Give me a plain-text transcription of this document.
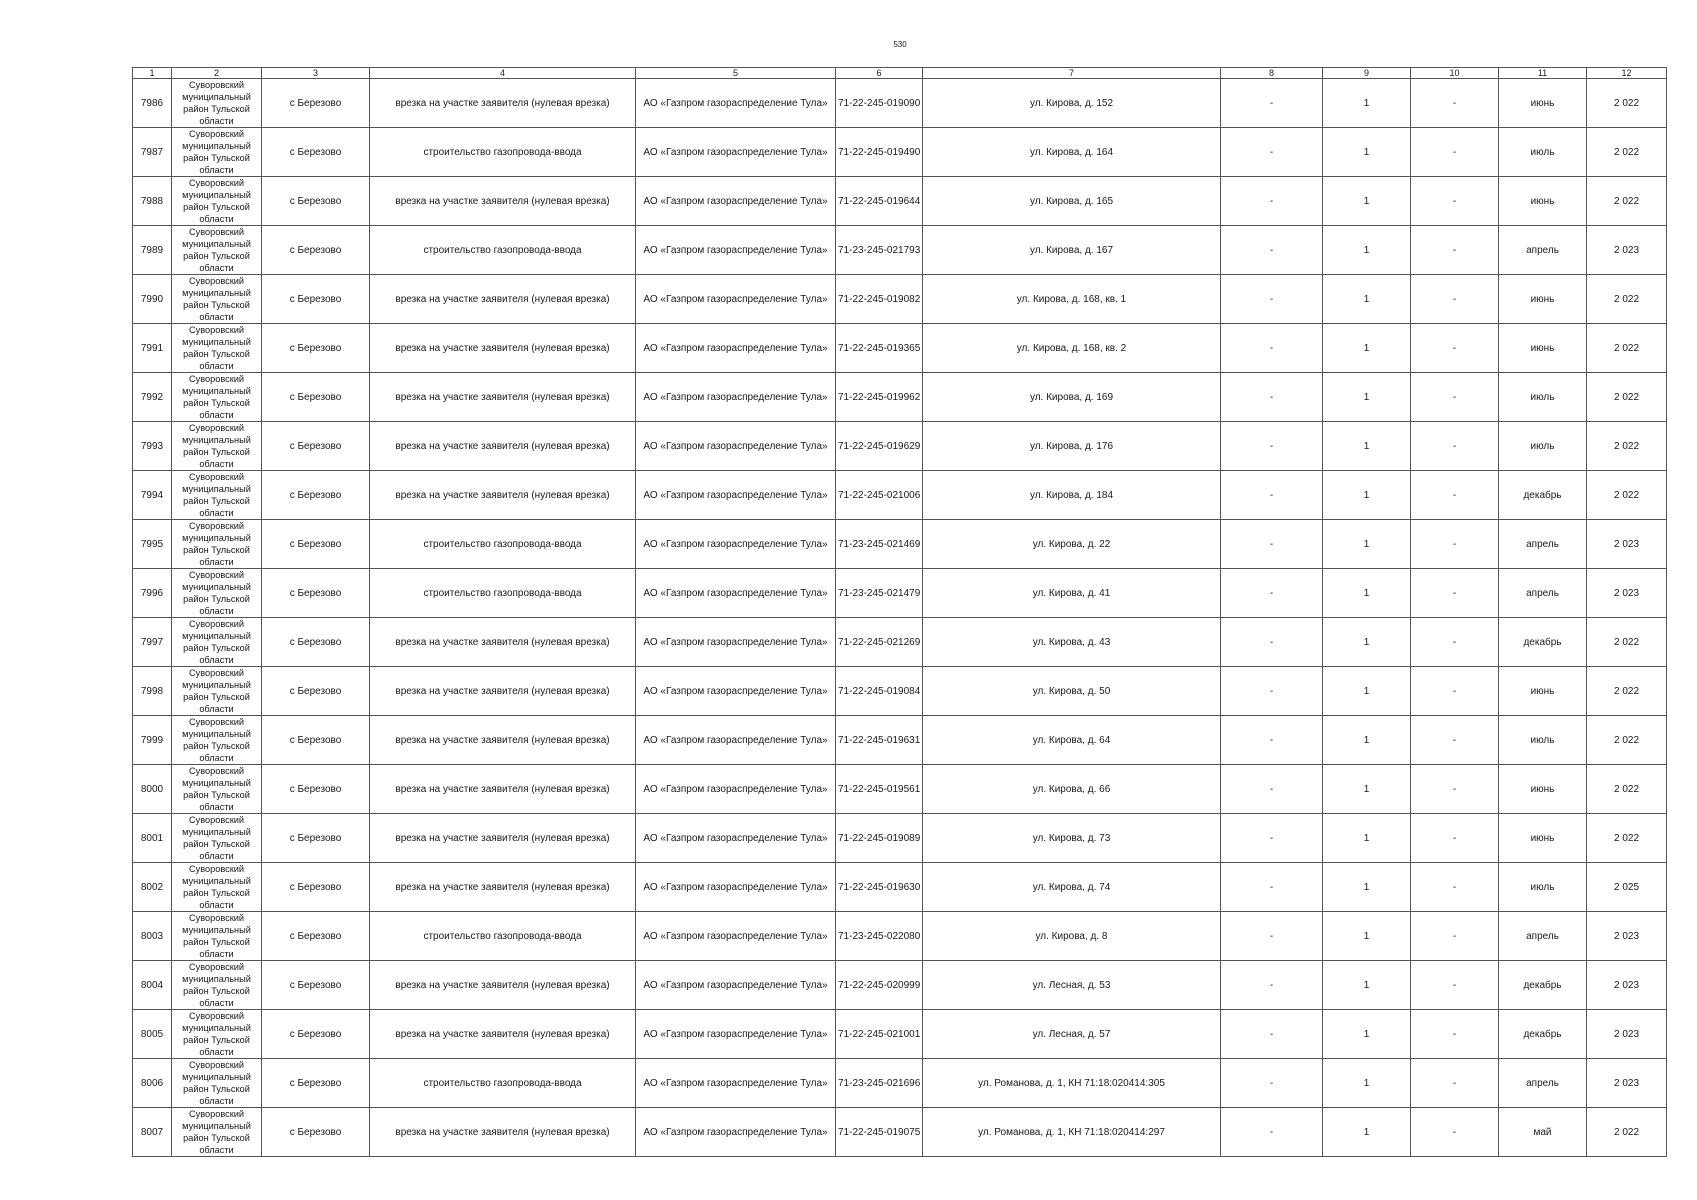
530
1	2	3	4	5	6	7	8	9	10	11	12
7986	Суворовский муниципальный район Тульской области	с Березово	врезка на участке заявителя (нулевая врезка)	АО «Газпром газораспределение Тула»	71-22-245-019090	ул. Кирова, д. 152	-	1	-	июнь	2 022
7987	Суворовский муниципальный район Тульской области	с Березово	строительство газопровода-ввода	АО «Газпром газораспределение Тула»	71-22-245-019490	ул. Кирова, д. 164	-	1	-	июль	2 022
7988	Суворовский муниципальный район Тульской области	с Березово	врезка на участке заявителя (нулевая врезка)	АО «Газпром газораспределение Тула»	71-22-245-019644	ул. Кирова, д. 165	-	1	-	июнь	2 022
7989	Суворовский муниципальный район Тульской области	с Березово	строительство газопровода-ввода	АО «Газпром газораспределение Тула»	71-23-245-021793	ул. Кирова, д. 167	-	1	-	апрель	2 023
7990	Суворовский муниципальный район Тульской области	с Березово	врезка на участке заявителя (нулевая врезка)	АО «Газпром газораспределение Тула»	71-22-245-019082	ул. Кирова, д. 168, кв. 1	-	1	-	июнь	2 022
7991	Суворовский муниципальный район Тульской области	с Березово	врезка на участке заявителя (нулевая врезка)	АО «Газпром газораспределение Тула»	71-22-245-019365	ул. Кирова, д. 168, кв. 2	-	1	-	июнь	2 022
7992	Суворовский муниципальный район Тульской области	с Березово	врезка на участке заявителя (нулевая врезка)	АО «Газпром газораспределение Тула»	71-22-245-019962	ул. Кирова, д. 169	-	1	-	июль	2 022
7993	Суворовский муниципальный район Тульской области	с Березово	врезка на участке заявителя (нулевая врезка)	АО «Газпром газораспределение Тула»	71-22-245-019629	ул. Кирова, д. 176	-	1	-	июль	2 022
7994	Суворовский муниципальный район Тульской области	с Березово	врезка на участке заявителя (нулевая врезка)	АО «Газпром газораспределение Тула»	71-22-245-021006	ул. Кирова, д. 184	-	1	-	декабрь	2 022
7995	Суворовский муниципальный район Тульской области	с Березово	строительство газопровода-ввода	АО «Газпром газораспределение Тула»	71-23-245-021469	ул. Кирова, д. 22	-	1	-	апрель	2 023
7996	Суворовский муниципальный район Тульской области	с Березово	строительство газопровода-ввода	АО «Газпром газораспределение Тула»	71-23-245-021479	ул. Кирова, д. 41	-	1	-	апрель	2 023
7997	Суворовский муниципальный район Тульской области	с Березово	врезка на участке заявителя (нулевая врезка)	АО «Газпром газораспределение Тула»	71-22-245-021269	ул. Кирова, д. 43	-	1	-	декабрь	2 022
7998	Суворовский муниципальный район Тульской области	с Березово	врезка на участке заявителя (нулевая врезка)	АО «Газпром газораспределение Тула»	71-22-245-019084	ул. Кирова, д. 50	-	1	-	июнь	2 022
7999	Суворовский муниципальный район Тульской области	с Березово	врезка на участке заявителя (нулевая врезка)	АО «Газпром газораспределение Тула»	71-22-245-019631	ул. Кирова, д. 64	-	1	-	июль	2 022
8000	Суворовский муниципальный район Тульской области	с Березово	врезка на участке заявителя (нулевая врезка)	АО «Газпром газораспределение Тула»	71-22-245-019561	ул. Кирова, д. 66	-	1	-	июнь	2 022
8001	Суворовский муниципальный район Тульской области	с Березово	врезка на участке заявителя (нулевая врезка)	АО «Газпром газораспределение Тула»	71-22-245-019089	ул. Кирова, д. 73	-	1	-	июнь	2 022
8002	Суворовский муниципальный район Тульской области	с Березово	врезка на участке заявителя (нулевая врезка)	АО «Газпром газораспределение Тула»	71-22-245-019630	ул. Кирова, д. 74	-	1	-	июль	2 025
8003	Суворовский муниципальный район Тульской области	с Березово	строительство газопровода-ввода	АО «Газпром газораспределение Тула»	71-23-245-022080	ул. Кирова, д. 8	-	1	-	апрель	2 023
8004	Суворовский муниципальный район Тульской области	с Березово	врезка на участке заявителя (нулевая врезка)	АО «Газпром газораспределение Тула»	71-22-245-020999	ул. Лесная, д. 53	-	1	-	декабрь	2 023
8005	Суворовский муниципальный район Тульской области	с Березово	врезка на участке заявителя (нулевая врезка)	АО «Газпром газораспределение Тула»	71-22-245-021001	ул. Лесная, д. 57	-	1	-	декабрь	2 023
8006	Суворовский муниципальный район Тульской области	с Березово	строительство газопровода-ввода	АО «Газпром газораспределение Тула»	71-23-245-021696	ул. Романова, д. 1, КН 71:18:020414:305	-	1	-	апрель	2 023
8007	Суворовский муниципальный район Тульской области	с Березово	врезка на участке заявителя (нулевая врезка)	АО «Газпром газораспределение Тула»	71-22-245-019075	ул. Романова, д. 1, КН 71:18:020414:297	-	1	-	май	2 022
